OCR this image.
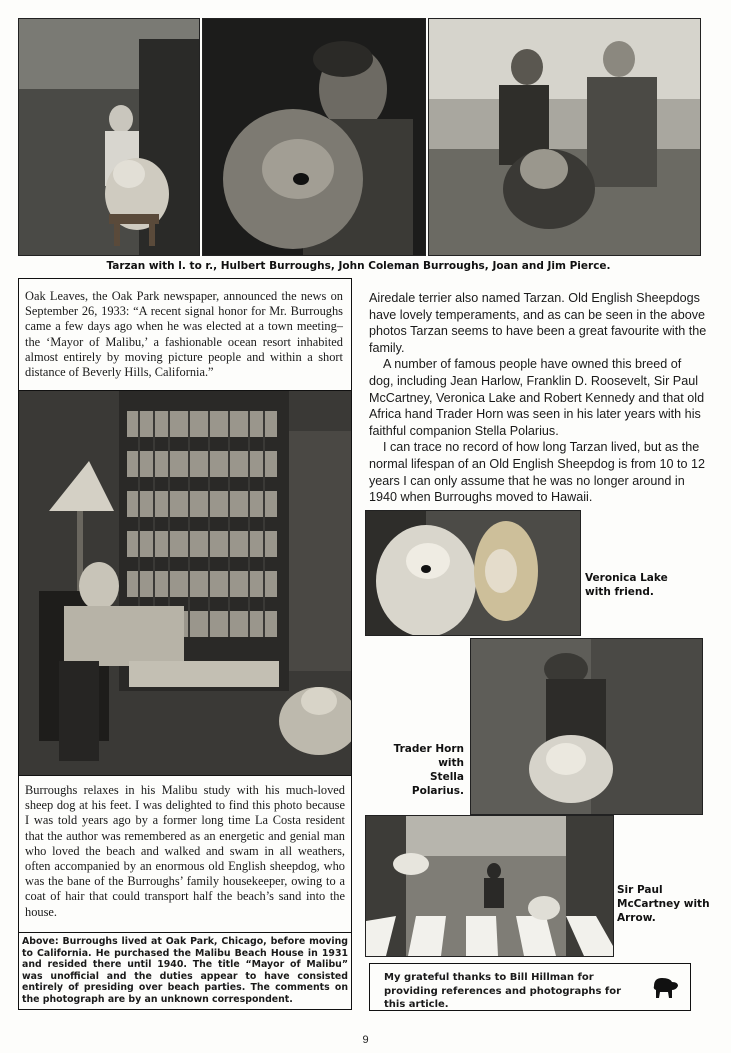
Tarzan with l. to r., Hulbert Burroughs, John Coleman Burroughs, Joan and Jim Pierce.

Oak Leaves, the Oak Park newspaper, announced the news on September 26, 1933: “A recent signal honor for Mr. Burroughs came a few days ago when he was elected at a town meeting–the ‘Mayor of Malibu,’ a fashionable ocean resort inhabited almost entirely by moving picture people and within a short distance of Beverly Hills, California.”

Burroughs relaxes in his Malibu study with his much-loved sheep dog at his feet. I was delighted to find this photo because I was told years ago by a former long time La Costa resident that the author was remembered as an energetic and genial man who loved the beach and walked and swam in all weathers, often accompanied by an enormous old English sheepdog, who was the bane of the Burroughs’ family housekeeper, owing to a coat of hair that could transport half the beach’s sand into the house.

Above: Burroughs lived at Oak Park, Chicago, before moving to California. He purchased the Malibu Beach House in 1931 and resided there until 1940. The title “Mayor of Malibu” was unofficial and the duties appear to have consisted entirely of presiding over beach parties. The comments on the photograph are by an unknown correspondent.

Airedale terrier also named Tarzan. Old English Sheepdogs have lovely temperaments, and as can be seen in the above photos Tarzan seems to have been a great favourite with the family.

A number of famous people have owned this breed of dog, including Jean Harlow, Franklin D. Roosevelt, Sir Paul McCartney, Veronica Lake and Robert Kennedy and that old Africa hand Trader Horn was seen in his later years with his faithful companion Stella Polarius.

I can trace no record of how long Tarzan lived, but as the normal lifespan of an Old English Sheepdog is from 10 to 12 years I can only assume that he was no longer around in 1940 when Burroughs moved to Hawaii.

Veronica Lake
with friend.
Trader Horn with
Stella Polarius.
Sir Paul
McCartney with
Arrow.

My grateful thanks to Bill Hillman for providing references and photographs for this article.

9
